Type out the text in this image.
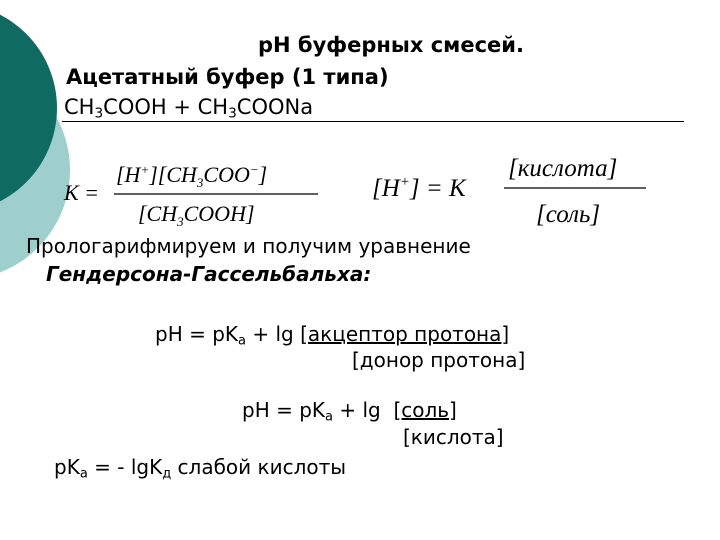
pH буферных смесей.
Ацетатный буфер (1 типа)
$CH_3COOH$ + $CH_3COONa$
K =
$[H^+][CH_3COO^-]$
$[CH_3COOH]$
[H+] = K
[кислота]
[соль]
Прологарифмируем и получим уравнение
Гендерсона-Гассельбальха:
pH = $pK_a + \lg$ [акцептор протона]
[донор протона]
pH = $pK_a + \lg$  [соль]
[кислота]
$pK_a$ = - lgK$_д$ слабой кислоты
